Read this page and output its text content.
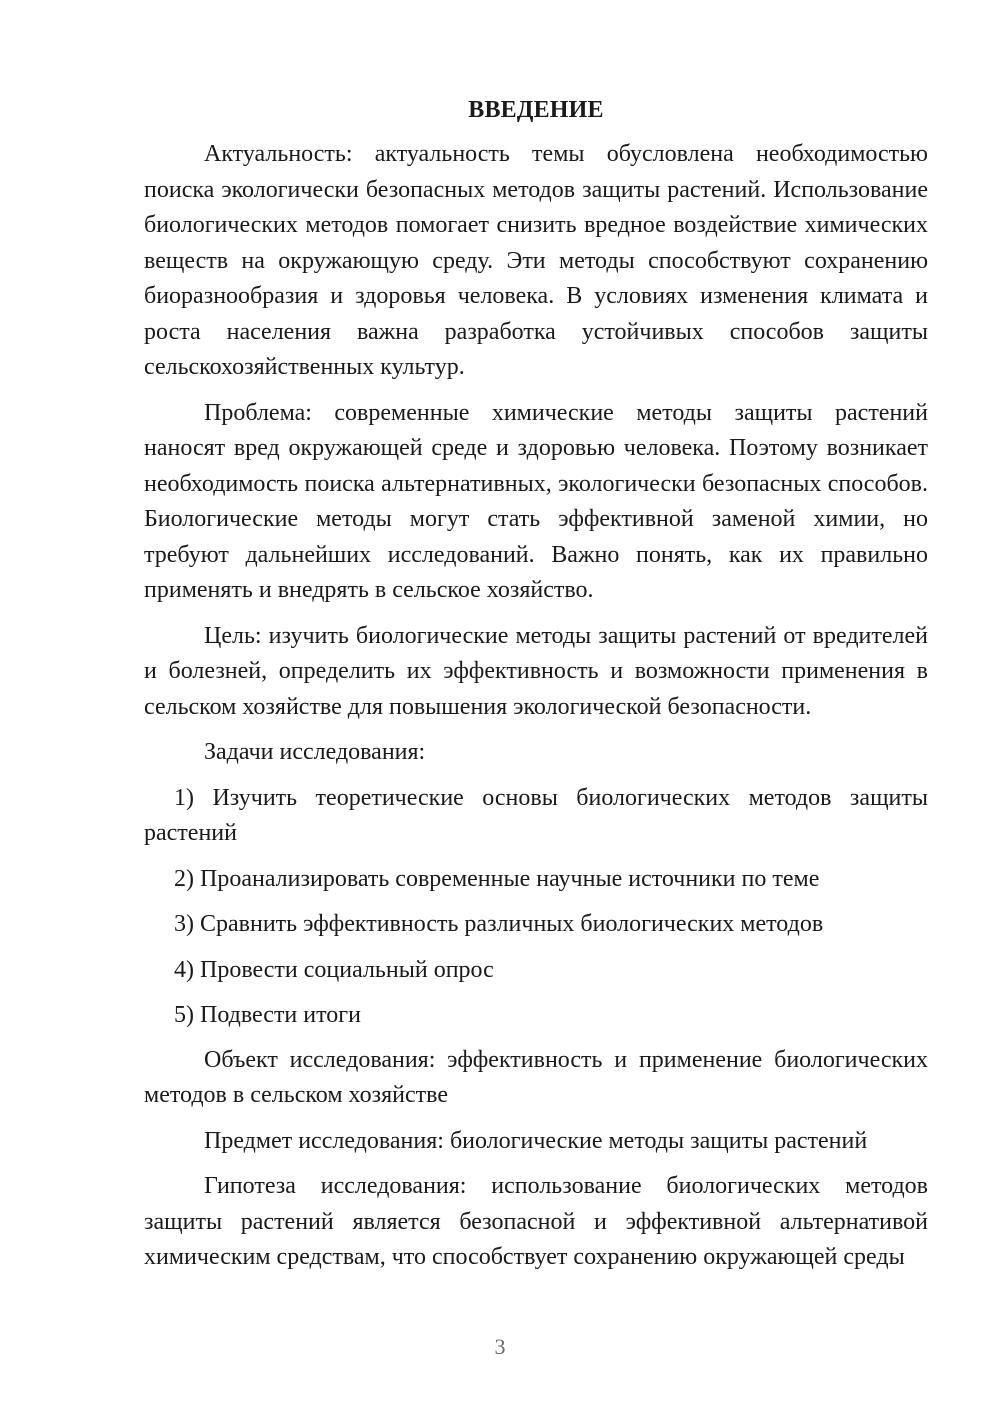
ВВЕДЕНИЕ

Актуальность: актуальность темы обусловлена необходимостью поиска экологически безопасных методов защиты растений. Использование биологических методов помогает снизить вредное воздействие химических веществ на окружающую среду. Эти методы способствуют сохранению биоразнообразия и здоровья человека. В условиях изменения климата и роста населения важна разработка устойчивых способов защиты сельскохозяйственных культур.

Проблема: современные химические методы защиты растений наносят вред окружающей среде и здоровью человека. Поэтому возникает необходимость поиска альтернативных, экологически безопасных способов. Биологические методы могут стать эффективной заменой химии, но требуют дальнейших исследований. Важно понять, как их правильно применять и внедрять в сельское хозяйство.

Цель: изучить биологические методы защиты растений от вредителей и болезней, определить их эффективность и возможности применения в сельском хозяйстве для повышения экологической безопасности.

Задачи исследования:

1) Изучить теоретические основы биологических методов защиты растений

2) Проанализировать современные научные источники по теме

3) Сравнить эффективность различных биологических методов

4) Провести социальный опрос

5) Подвести итоги

Объект исследования: эффективность и применение биологических методов в сельском хозяйстве

Предмет исследования: биологические методы защиты растений

Гипотеза исследования: использование биологических методов защиты растений является безопасной и эффективной альтернативой химическим средствам, что способствует сохранению окружающей среды

3
